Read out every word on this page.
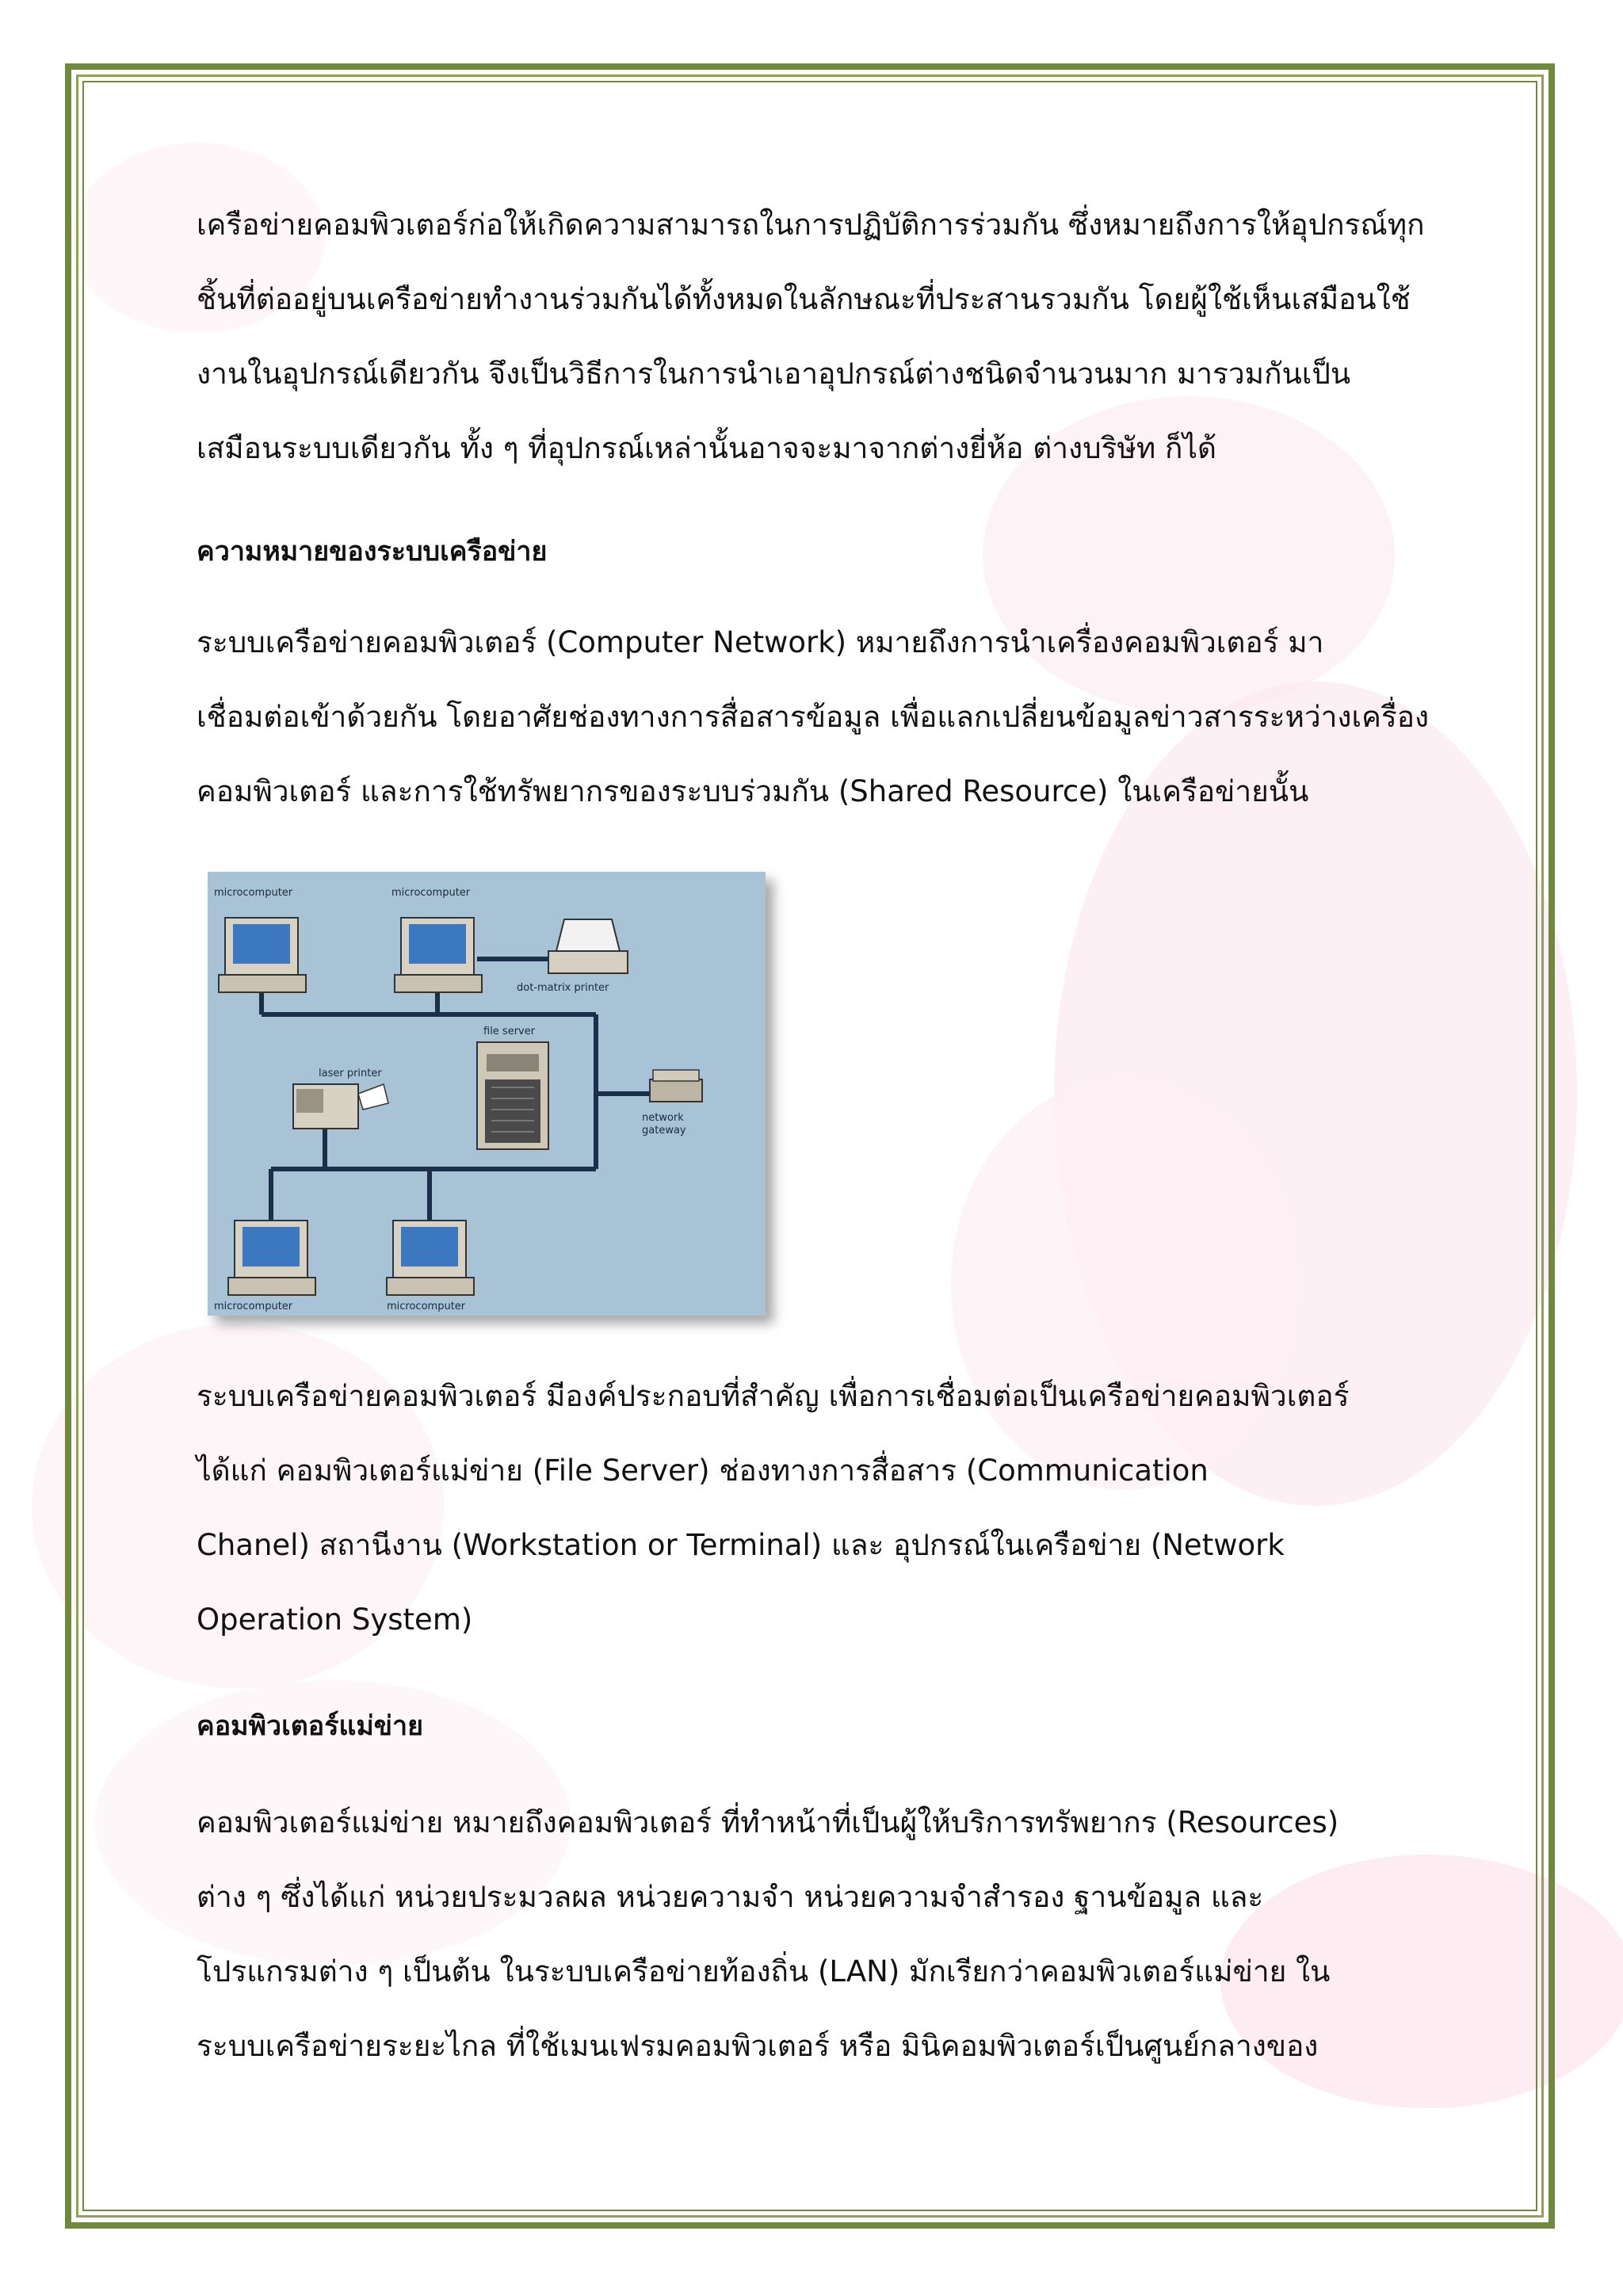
เครือข่ายคอมพิวเตอร์ก่อให้เกิดความสามารถในการปฏิบัติการร่วมกัน ซึ่งหมายถึงการให้อุปกรณ์ทุก
ชิ้นที่ต่ออยู่บนเครือข่ายทำงานร่วมกันได้ทั้งหมดในลักษณะที่ประสานรวมกัน โดยผู้ใช้เห็นเสมือนใช้
งานในอุปกรณ์เดียวกัน จึงเป็นวิธีการในการนำเอาอุปกรณ์ต่างชนิดจำนวนมาก มารวมกันเป็น
เสมือนระบบเดียวกัน ทั้ง ๆ ที่อุปกรณ์เหล่านั้นอาจจะมาจากต่างยี่ห้อ ต่างบริษัท ก็ได้
ความหมายของระบบเครือข่าย
ระบบเครือข่ายคอมพิวเตอร์ (Computer Network) หมายถึงการนำเครื่องคอมพิวเตอร์ มา
เชื่อมต่อเข้าด้วยกัน โดยอาศัยช่องทางการสื่อสารข้อมูล เพื่อแลกเปลี่ยนข้อมูลข่าวสารระหว่างเครื่อง
คอมพิวเตอร์ และการใช้ทรัพยากรของระบบร่วมกัน (Shared Resource) ในเครือข่ายนั้น
microcomputer	microcomputer
dot-matrix printer
file server
laser printer
network
gateway
microcomputer	microcomputer
ระบบเครือข่ายคอมพิวเตอร์ มีองค์ประกอบที่สำคัญ เพื่อการเชื่อมต่อเป็นเครือข่ายคอมพิวเตอร์
ได้แก่ คอมพิวเตอร์แม่ข่าย (File Server) ช่องทางการสื่อสาร (Communication
Chanel) สถานีงาน (Workstation or Terminal) และ อุปกรณ์ในเครือข่าย (Network
Operation System)
คอมพิวเตอร์แม่ข่าย
คอมพิวเตอร์แม่ข่าย หมายถึงคอมพิวเตอร์ ที่ทำหน้าที่เป็นผู้ให้บริการทรัพยากร (Resources)
ต่าง ๆ ซึ่งได้แก่ หน่วยประมวลผล หน่วยความจำ หน่วยความจำสำรอง ฐานข้อมูล และ
โปรแกรมต่าง ๆ เป็นต้น ในระบบเครือข่ายท้องถิ่น (LAN) มักเรียกว่าคอมพิวเตอร์แม่ข่าย ใน
ระบบเครือข่ายระยะไกล ที่ใช้เมนเฟรมคอมพิวเตอร์ หรือ มินิคอมพิวเตอร์เป็นศูนย์กลางของ
